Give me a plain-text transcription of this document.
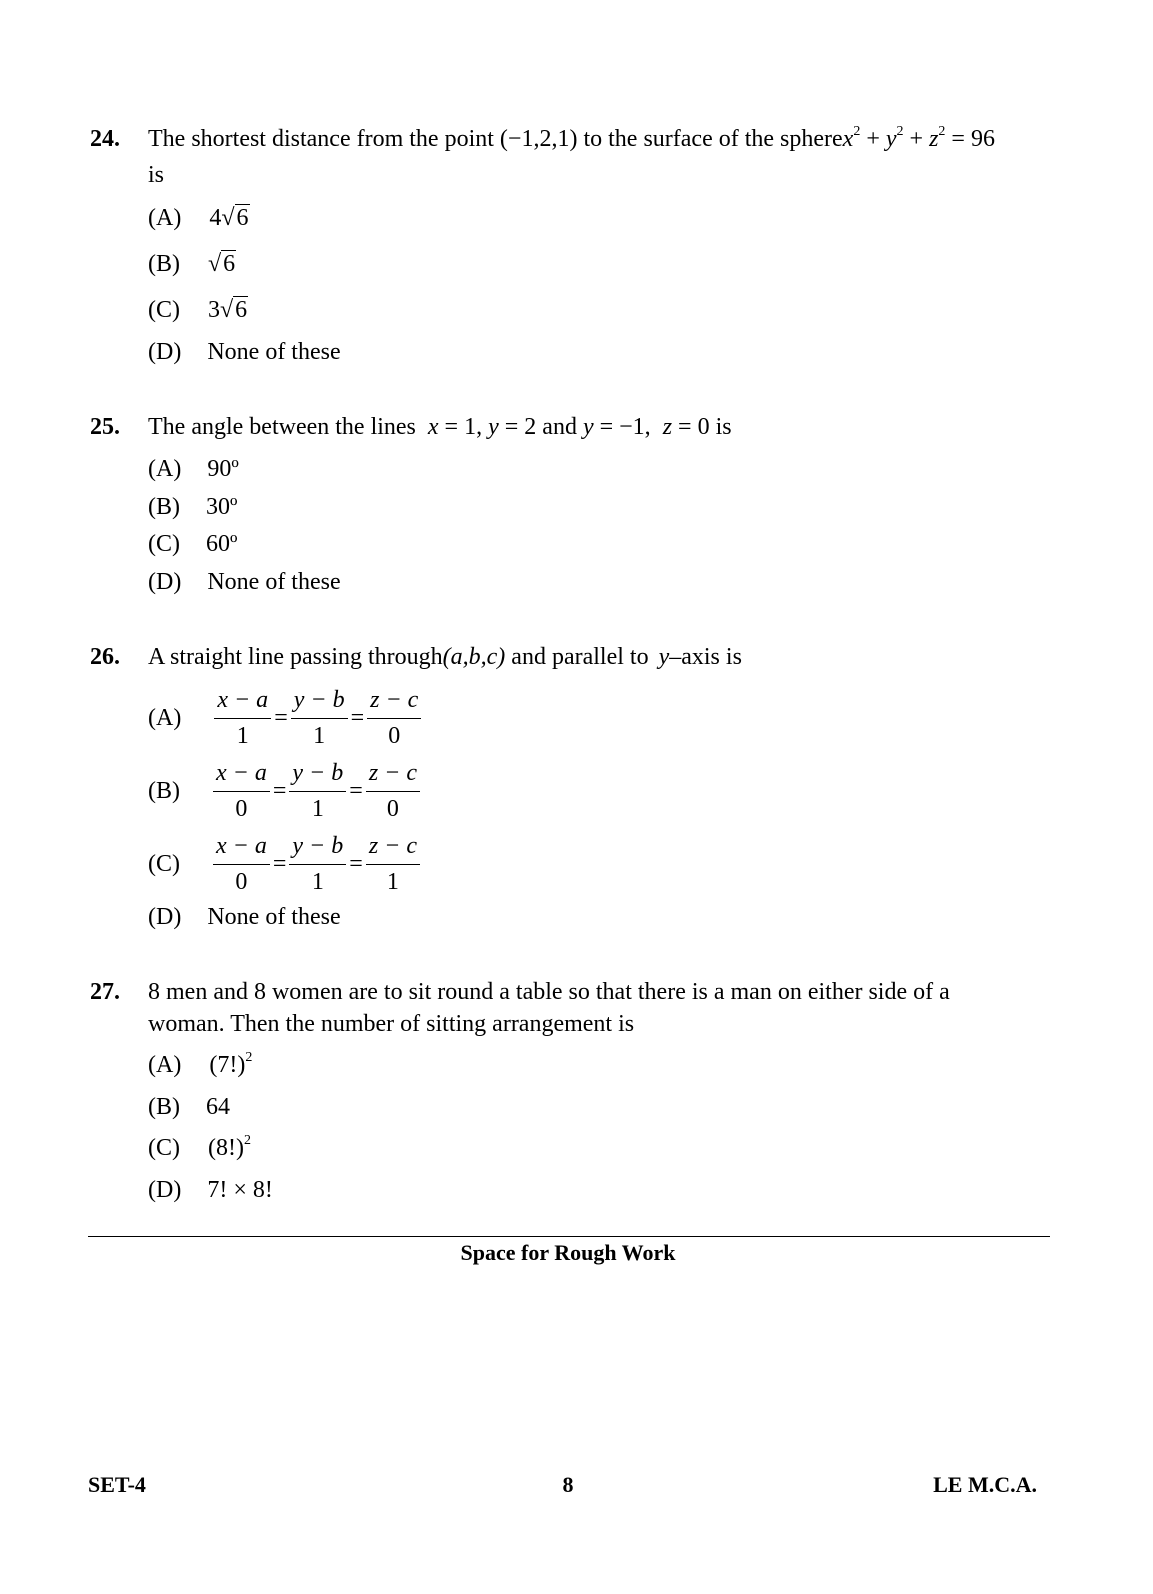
24. The shortest distance from the point (−1,2,1) to the surface of the spherex$^2$ + $y^2 + z^2 = 96$
is
(A) 4√6
(B) √6
(C) 3√6
(D) None of these
25. The angle between the lines x = 1, y = 2 and y = −1, z = 0 is
(A) 90º
(B) 30º
(C) 60º
(D) None of these
26. A straight line passing through(a,b,c) and parallel to y–axis is
$(A) \frac{x - a}{1} = \frac{y - b}{1} = \frac{z - c}{0}$
$(B) \frac{x - a}{0} = \frac{y - b}{1} = \frac{z - c}{0}$
$(C) \frac{x - a}{0} = \frac{y - b}{1} = \frac{z - c}{1}$
(D) None of these
27. 8 men and 8 women are to sit round a table so that there is a man on either side of a
woman. Then the number of sitting arrangement is
(A) $(7!)^2$
(B) 64
(C) $(8!)^2$
(D) 7! × 8!
Space for Rough Work
SET-4	8	LE M.C.A.
